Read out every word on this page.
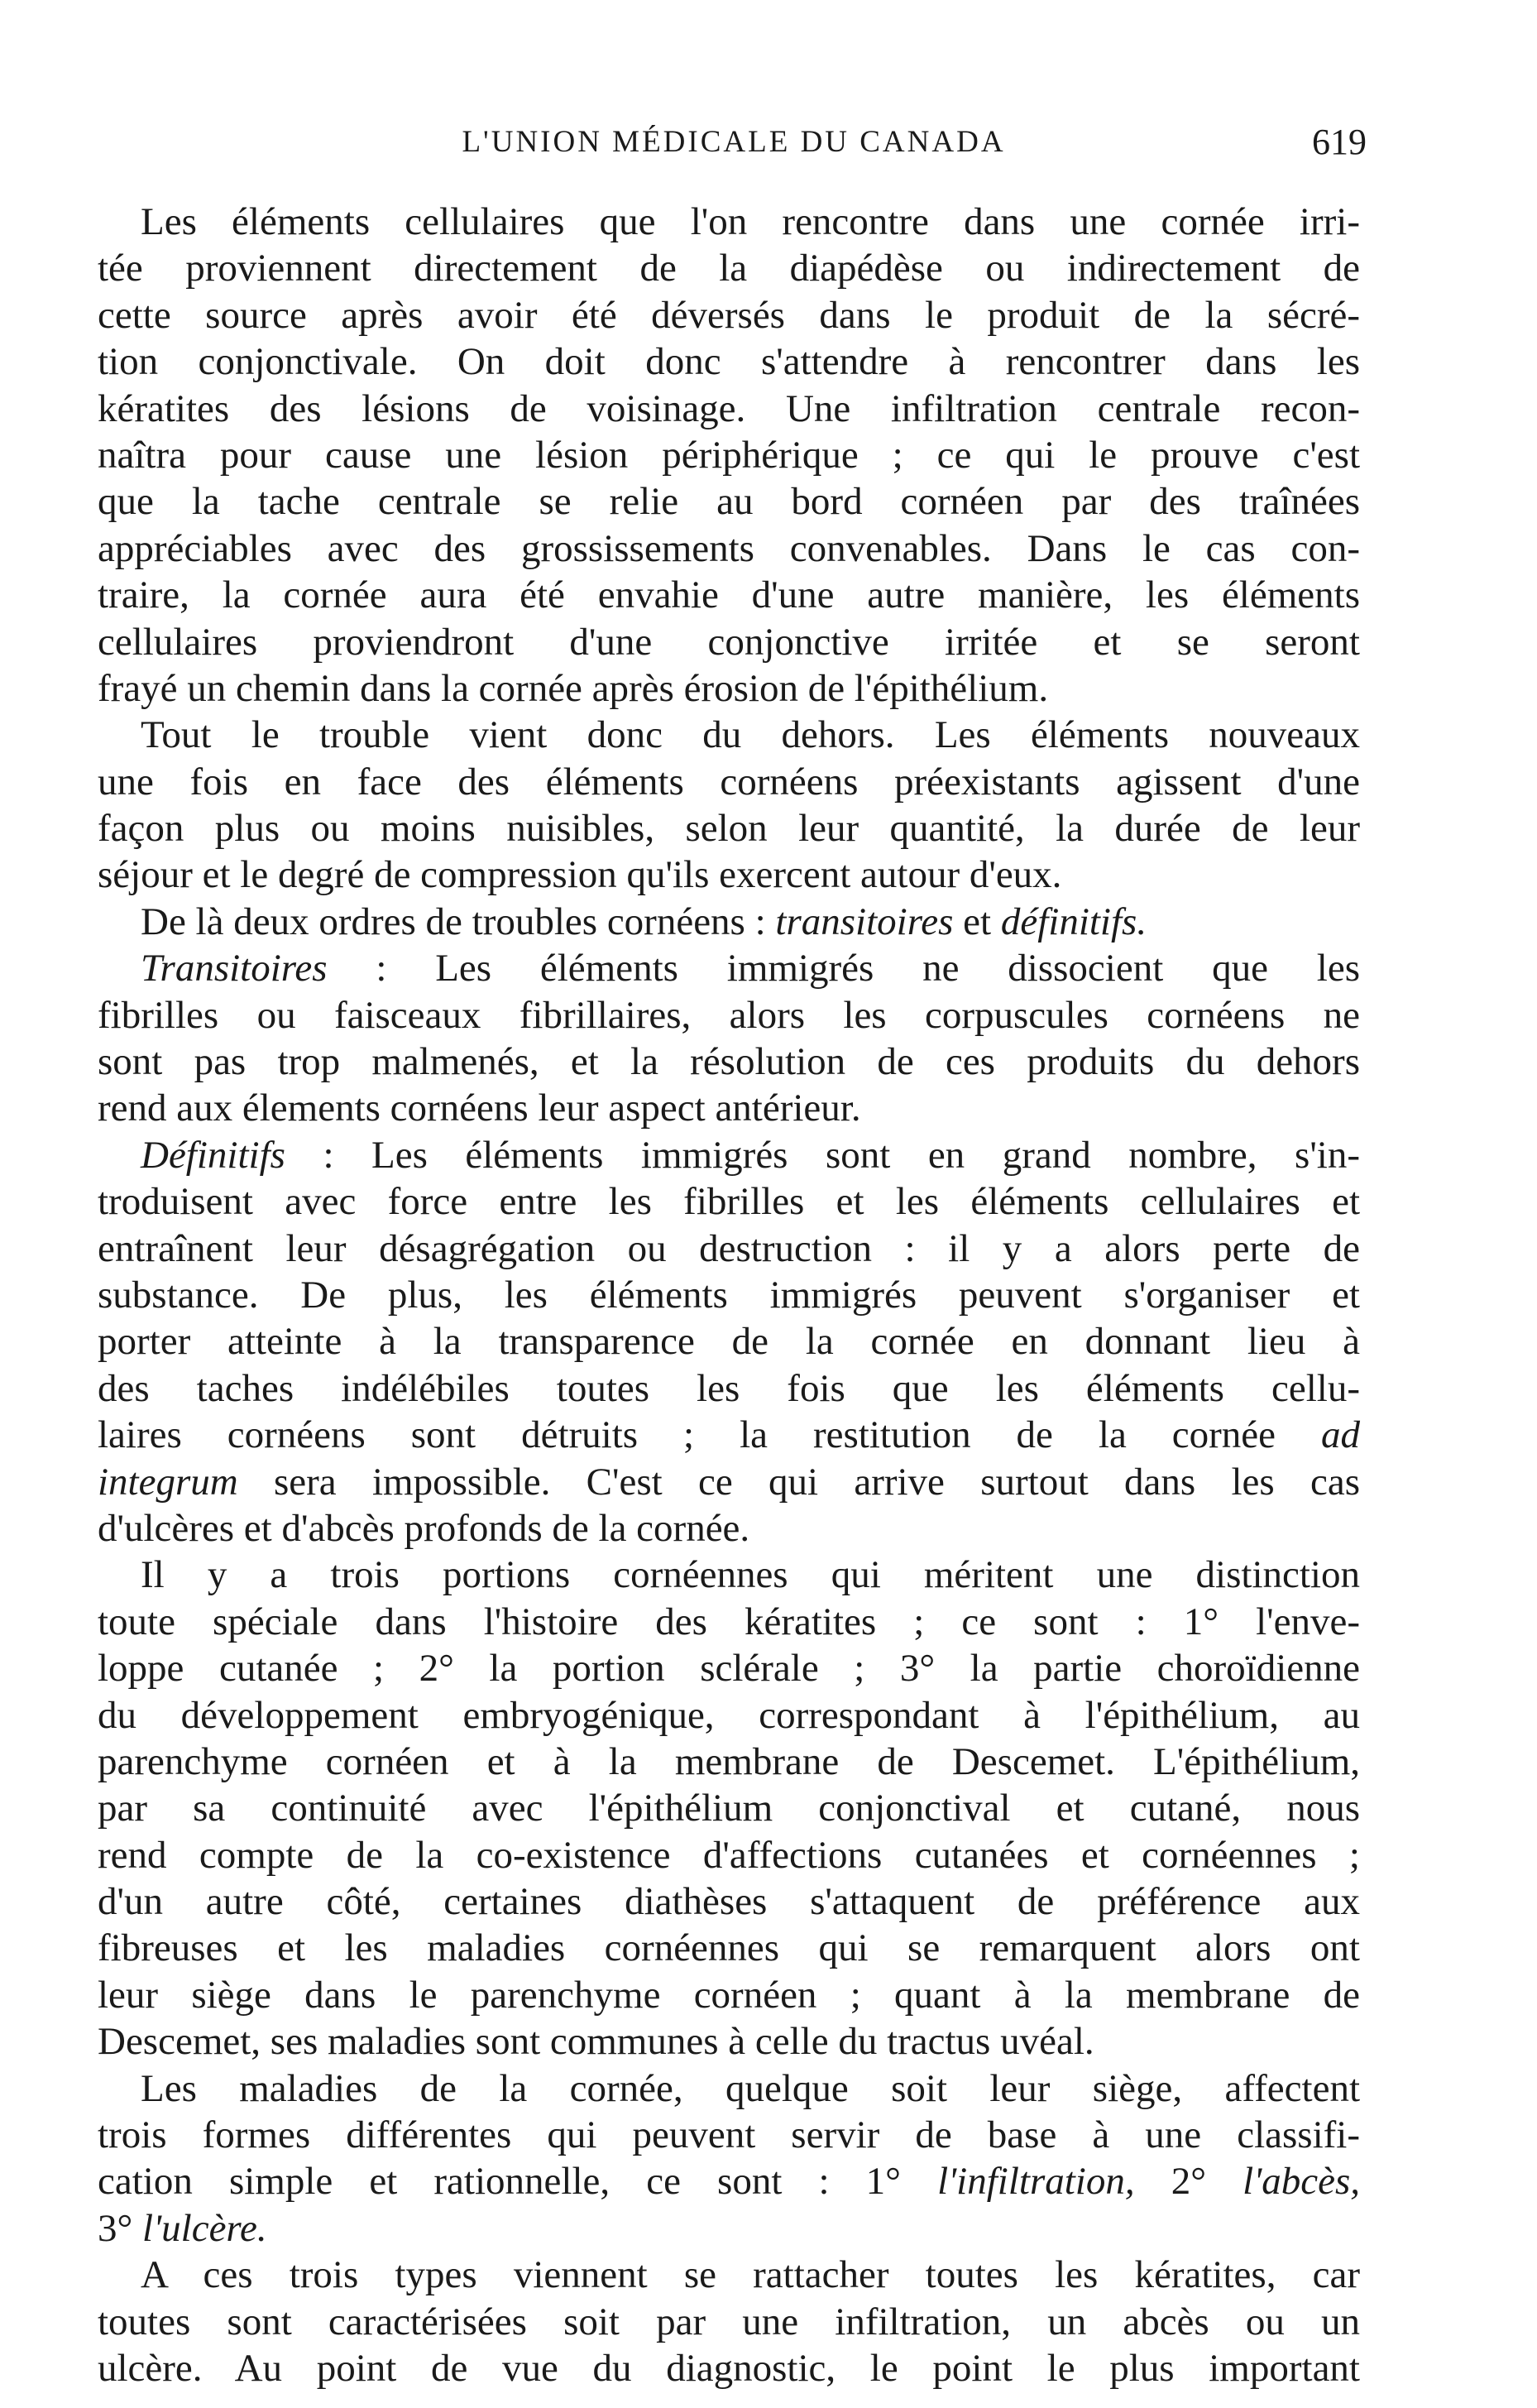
L'UNION MÉDICALE DU CANADA	619
Les éléments cellulaires que l'on rencontre dans une cornée irri-
tée proviennent directement de la diapédèse ou indirectement de
cette source après avoir été déversés dans le produit de la sécré-
tion conjonctivale. On doit donc s'attendre à rencontrer dans les
kératites des lésions de voisinage. Une infiltration centrale recon-
naîtra pour cause une lésion périphérique ; ce qui le prouve c'est
que la tache centrale se relie au bord cornéen par des traînées
appréciables avec des grossissements convenables. Dans le cas con-
traire, la cornée aura été envahie d'une autre manière, les éléments
cellulaires proviendront d'une conjonctive irritée et se seront
frayé un chemin dans la cornée après érosion de l'épithélium.
Tout le trouble vient donc du dehors. Les éléments nouveaux
une fois en face des éléments cornéens préexistants agissent d'une
façon plus ou moins nuisibles, selon leur quantité, la durée de leur
séjour et le degré de compression qu'ils exercent autour d'eux.
De là deux ordres de troubles cornéens : transitoires et définitifs.
Transitoires : Les éléments immigrés ne dissocient que les
fibrilles ou faisceaux fibrillaires, alors les corpuscules cornéens ne
sont pas trop malmenés, et la résolution de ces produits du dehors
rend aux élements cornéens leur aspect antérieur.
Définitifs : Les éléments immigrés sont en grand nombre, s'in-
troduisent avec force entre les fibrilles et les éléments cellulaires et
entraînent leur désagrégation ou destruction : il y a alors perte de
substance. De plus, les éléments immigrés peuvent s'organiser et
porter atteinte à la transparence de la cornée en donnant lieu à
des taches indélébiles toutes les fois que les éléments cellu-
laires cornéens sont détruits ; la restitution de la cornée ad
integrum sera impossible. C'est ce qui arrive surtout dans les cas
d'ulcères et d'abcès profonds de la cornée.
Il y a trois portions cornéennes qui méritent une distinction
toute spéciale dans l'histoire des kératites ; ce sont : 1° l'enve-
loppe cutanée ; 2° la portion sclérale ; 3° la partie choroïdienne
du développement embryogénique, correspondant à l'épithélium, au
parenchyme cornéen et à la membrane de Descemet. L'épithélium,
par sa continuité avec l'épithélium conjonctival et cutané, nous
rend compte de la co-existence d'affections cutanées et cornéennes ;
d'un autre côté, certaines diathèses s'attaquent de préférence aux
fibreuses et les maladies cornéennes qui se remarquent alors ont
leur siège dans le parenchyme cornéen ; quant à la membrane de
Descemet, ses maladies sont communes à celle du tractus uvéal.
Les maladies de la cornée, quelque soit leur siège, affectent
trois formes différentes qui peuvent servir de base à une classifi-
cation simple et rationnelle, ce sont : 1° l'infiltration, 2° l'abcès,
3° l'ulcère.
A ces trois types viennent se rattacher toutes les kératites, car
toutes sont caractérisées soit par une infiltration, un abcès ou un
ulcère. Au point de vue du diagnostic, le point le plus important
